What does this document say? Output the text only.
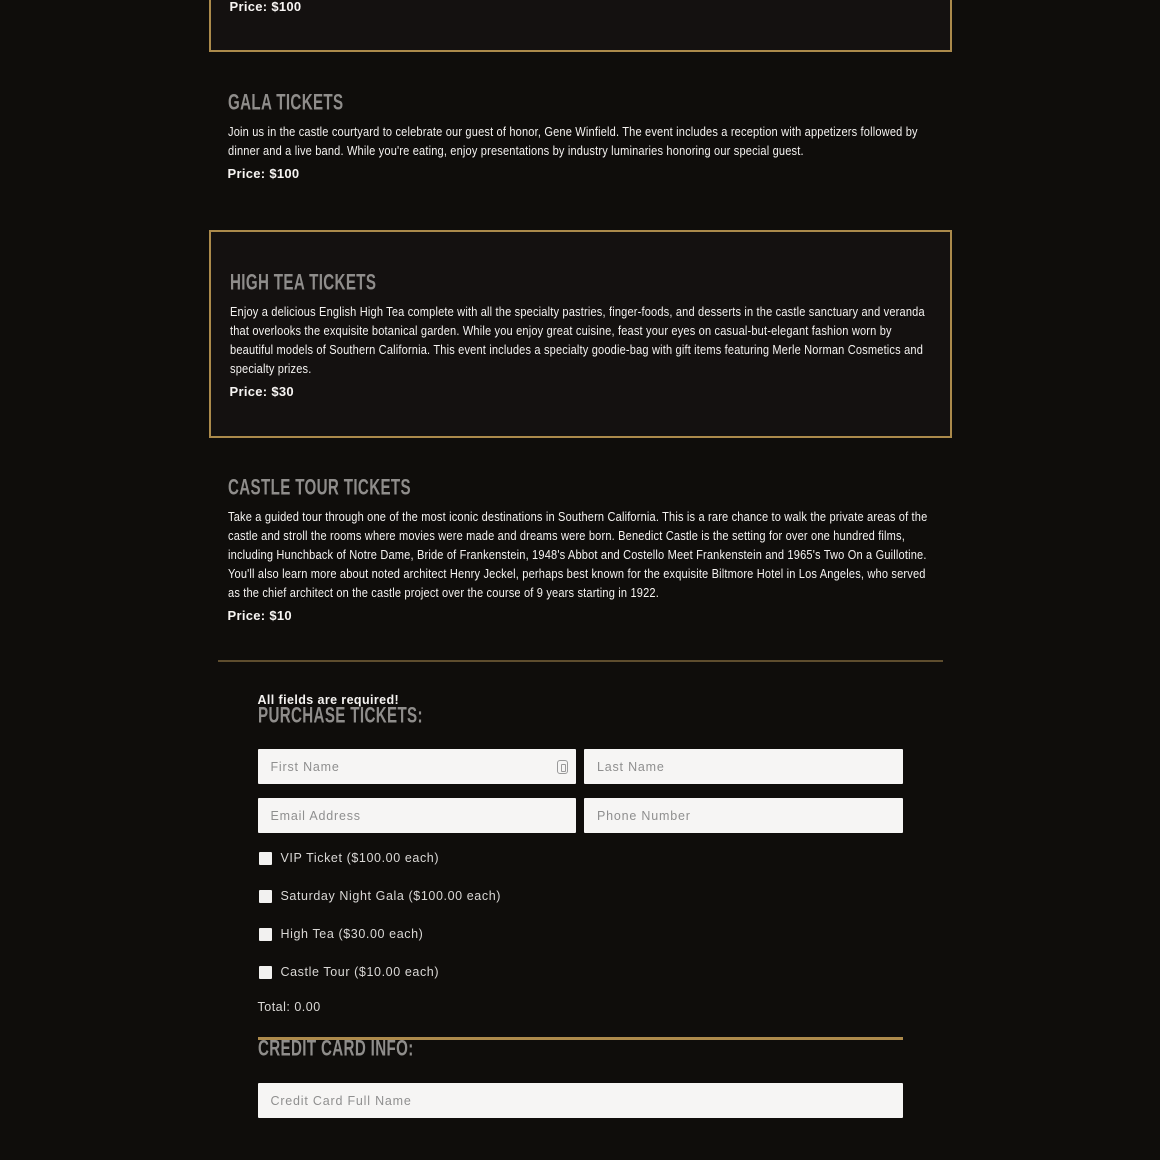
Price: $100

GALA TICKETS

Join us in the castle courtyard to celebrate our guest of honor, Gene Winfield. The event includes a reception with appetizers followed by dinner and a live band. While you're eating, enjoy presentations by industry luminaries honoring our special guest.

Price: $100

HIGH TEA TICKETS

Enjoy a delicious English High Tea complete with all the specialty pastries, finger-foods, and desserts in the castle sanctuary and veranda that overlooks the exquisite botanical garden. While you enjoy great cuisine, feast your eyes on casual-but-elegant fashion worn by beautiful models of Southern California. This event includes a specialty goodie-bag with gift items featuring Merle Norman Cosmetics and specialty prizes.

Price: $30

CASTLE TOUR TICKETS

Take a guided tour through one of the most iconic destinations in Southern California. This is a rare chance to walk the private areas of the castle and stroll the rooms where movies were made and dreams were born. Benedict Castle is the setting for over one hundred films, including Hunchback of Notre Dame, Bride of Frankenstein, 1948's Abbot and Costello Meet Frankenstein and 1965's Two On a Guillotine. You'll also learn more about noted architect Henry Jeckel, perhaps best known for the exquisite Biltmore Hotel in Los Angeles, who served as the chief architect on the castle project over the course of 9 years starting in 1922.

Price: $10

All fields are required!

PURCHASE TICKETS:
First Name
Last Name
Email Address
Phone Number
VIP Ticket ($100.00 each)
Saturday Night Gala ($100.00 each)
High Tea ($30.00 each)
Castle Tour ($10.00 each)

Total: 0.00

CREDIT CARD INFO:
Credit Card Full Name
